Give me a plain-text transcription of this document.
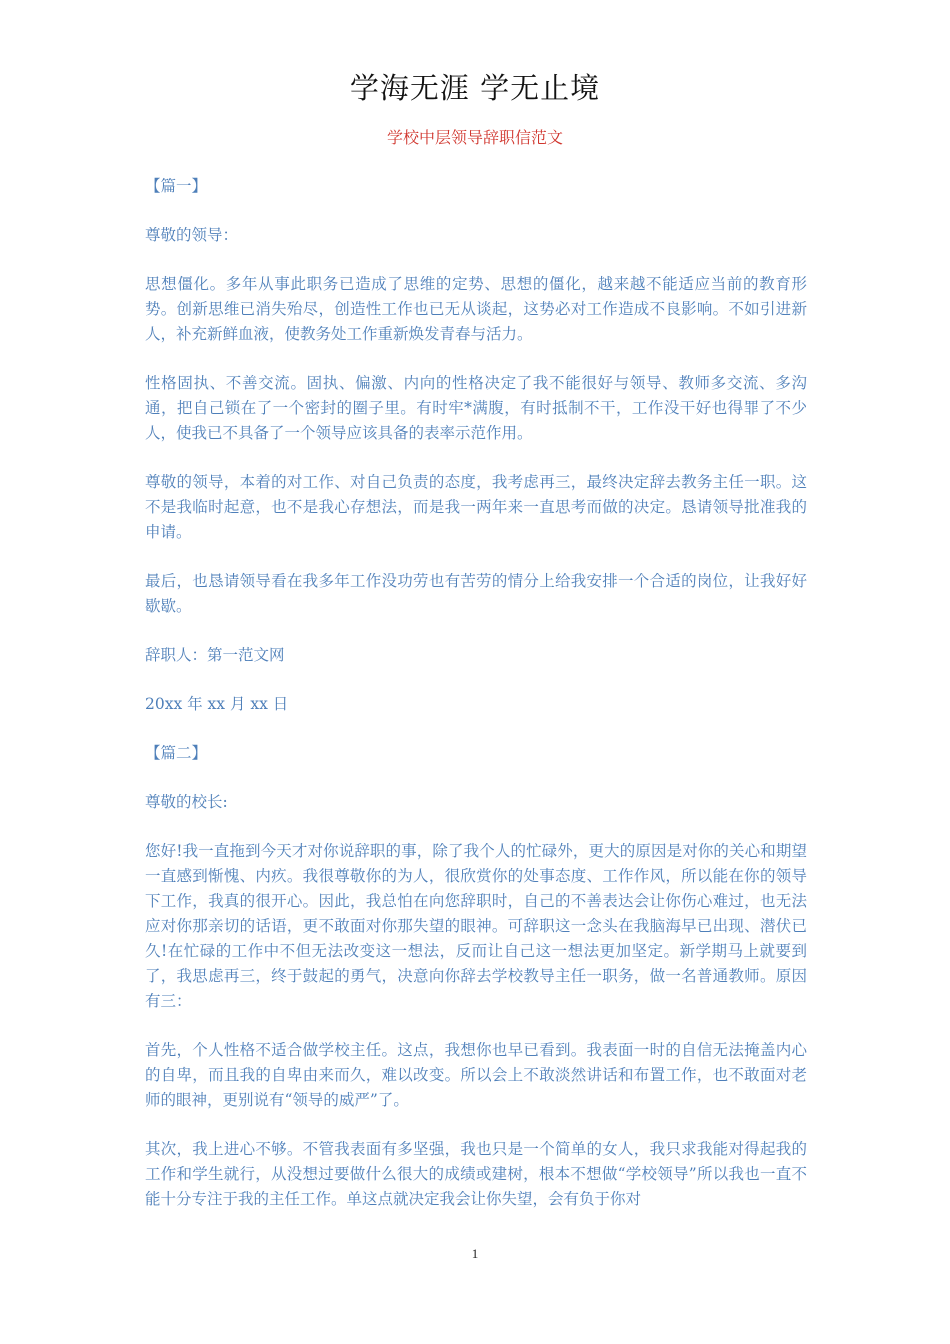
学海无涯 学无止境
学校中层领导辞职信范文

【篇一】

尊敬的领导：

思想僵化。多年从事此职务已造成了思维的定势、思想的僵化，越来越不能适应当前的教育形势。创新思维已消失殆尽，创造性工作也已无从谈起，这势必对工作造成不良影响。不如引进新人，补充新鲜血液，使教务处工作重新焕发青春与活力。

性格固执、不善交流。固执、偏激、内向的性格决定了我不能很好与领导、教师多交流、多沟通，把自己锁在了一个密封的圈子里。有时牢*满腹，有时抵制不干，工作没干好也得罪了不少人，使我已不具备了一个领导应该具备的表率示范作用。

尊敬的领导，本着的对工作、对自己负责的态度，我考虑再三，最终决定辞去教务主任一职。这不是我临时起意，也不是我心存想法，而是我一两年来一直思考而做的决定。恳请领导批准我的申请。

最后，也恳请领导看在我多年工作没功劳也有苦劳的情分上给我安排一个合适的岗位，让我好好歇歇。

辞职人：第一范文网

20xx 年 xx 月 xx 日

【篇二】

尊敬的校长:

您好!我一直拖到今天才对你说辞职的事，除了我个人的忙碌外，更大的原因是对你的关心和期望一直感到惭愧、内疚。我很尊敬你的为人，很欣赏你的处事态度、工作作风，所以能在你的领导下工作，我真的很开心。因此，我总怕在向您辞职时，自己的不善表达会让你伤心难过，也无法应对你那亲切的话语，更不敢面对你那失望的眼神。可辞职这一念头在我脑海早已出现、潜伏已久!在忙碌的工作中不但无法改变这一想法，反而让自己这一想法更加坚定。新学期马上就要到了，我思虑再三，终于鼓起的勇气，决意向你辞去学校教导主任一职务，做一名普通教师。原因有三：

首先，个人性格不适合做学校主任。这点，我想你也早已看到。我表面一时的自信无法掩盖内心的自卑，而且我的自卑由来而久，难以改变。所以会上不敢淡然讲话和布置工作，也不敢面对老师的眼神，更别说有“领导的威严”了。

其次，我上进心不够。不管我表面有多坚强，我也只是一个简单的女人，我只求我能对得起我的工作和学生就行，从没想过要做什么很大的成绩或建树，根本不想做“学校领导”所以我也一直不能十分专注于我的主任工作。单这点就决定我会让你失望，会有负于你对

1
